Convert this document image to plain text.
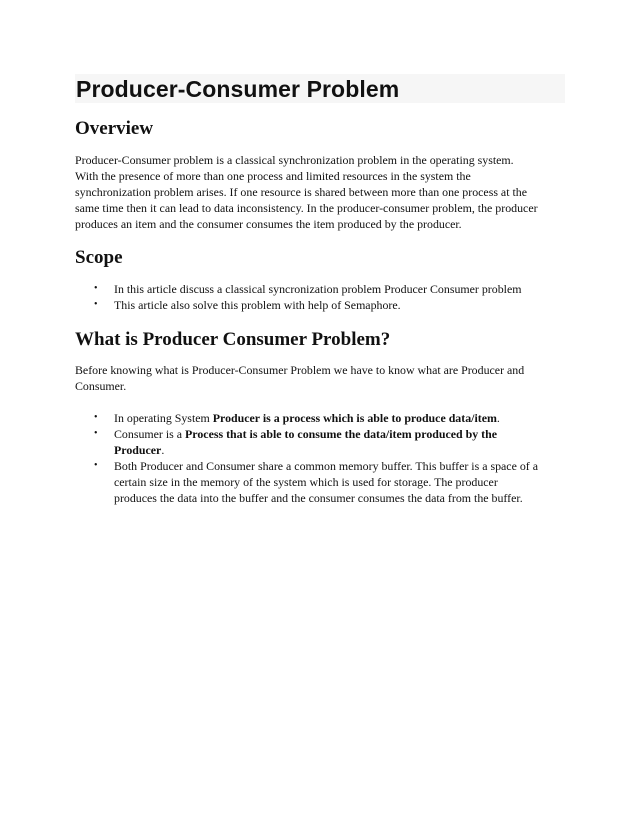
Producer-Consumer Problem
Overview

Producer-Consumer problem is a classical synchronization problem in the operating system.
With the presence of more than one process and limited resources in the system the
synchronization problem arises. If one resource is shared between more than one process at the
same time then it can lead to data inconsistency. In the producer-consumer problem, the producer
produces an item and the consumer consumes the item produced by the producer.

Scope
• In this article discuss a classical syncronization problem Producer Consumer problem
• This article also solve this problem with help of Semaphore.
What is Producer Consumer Problem?

Before knowing what is Producer-Consumer Problem we have to know what are Producer and
Consumer.

• In operating System Producer is a process which is able to produce data/item.
• Consumer is a Process that is able to consume the data/item produced by the
Producer.
• Both Producer and Consumer share a common memory buffer. This buffer is a space of a
certain size in the memory of the system which is used for storage. The producer
produces the data into the buffer and the consumer consumes the data from the buffer.
